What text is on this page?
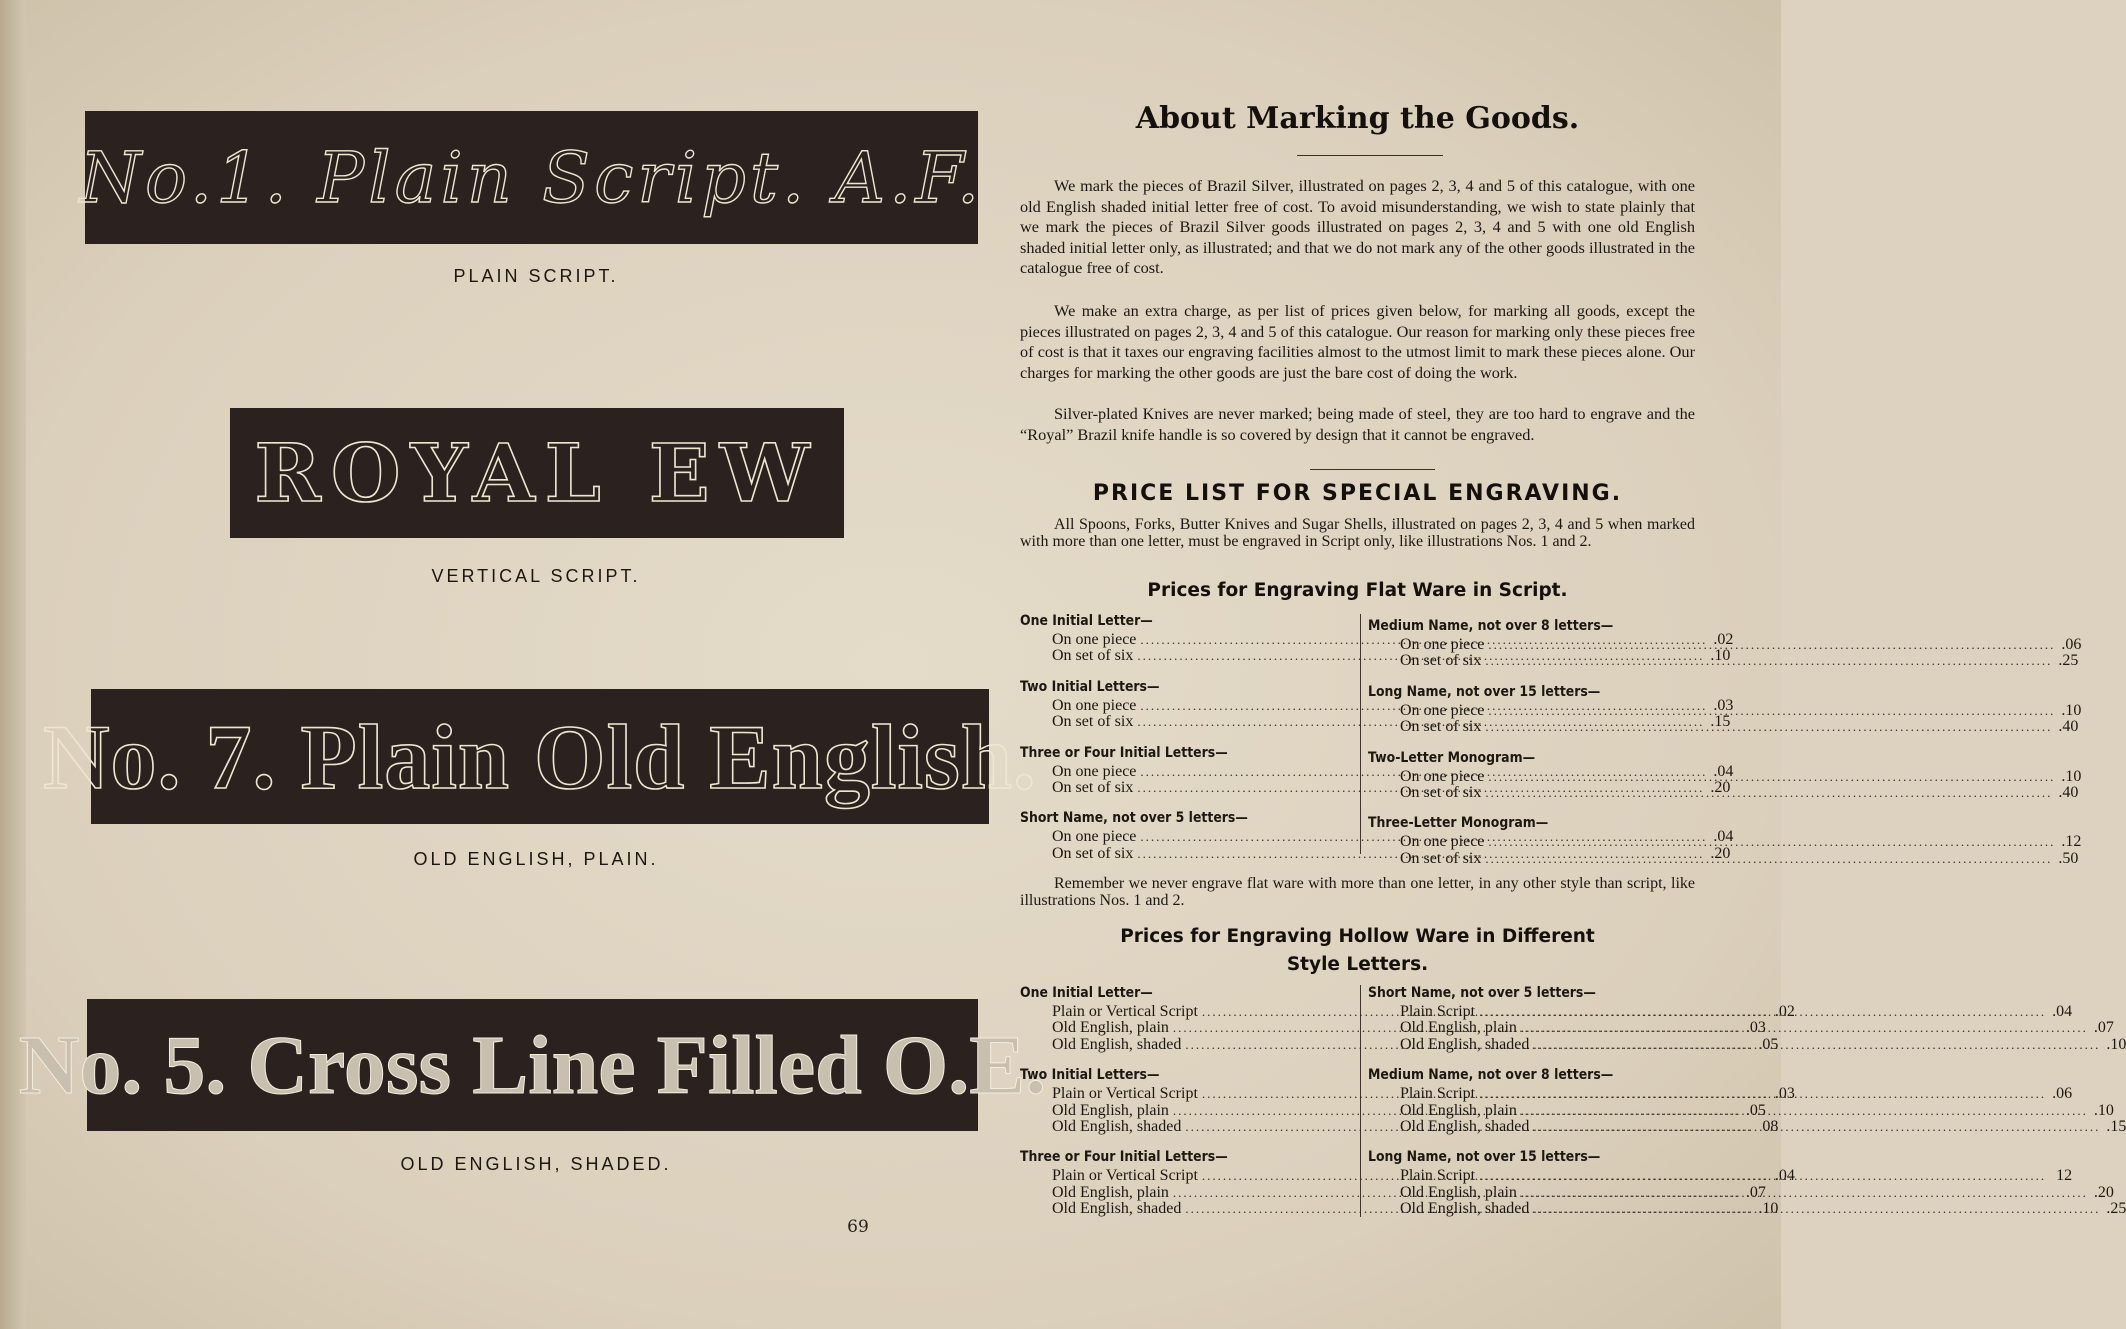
No.1. Plain Script. A.F.
PLAIN SCRIPT.
ROYAL EW
VERTICAL SCRIPT.
No. 7. Plain Old English.
OLD ENGLISH, PLAIN.
No. 5. Cross Line Filled O.E.
OLD ENGLISH, SHADED.
69
About Marking the Goods.

We mark the pieces of Brazil Silver, illustrated on pages 2, 3, 4 and 5 of this catalogue, with one old English shaded initial letter free of cost. To avoid misunderstanding, we wish to state plainly that we mark the pieces of Brazil Silver goods illustrated on pages 2, 3, 4 and 5 with one old English shaded initial letter only, as illustrated; and that we do not mark any of the other goods illustrated in the catalogue free of cost.

We make an extra charge, as per list of prices given below, for marking all goods, except the pieces illustrated on pages 2, 3, 4 and 5 of this catalogue. Our reason for marking only these pieces free of cost is that it taxes our engraving facilities almost to the utmost limit to mark these pieces alone. Our charges for marking the other goods are just the bare cost of doing the work.

Silver-plated Knives are never marked; being made of steel, they are too hard to engrave and the “Royal” Brazil knife handle is so covered by design that it cannot be engraved.

PRICE LIST FOR SPECIAL ENGRAVING.

All Spoons, Forks, Butter Knives and Sugar Shells, illustrated on pages 2, 3, 4 and 5 when marked with more than one letter, must be engraved in Script only, like illustrations Nos. 1 and 2.

Prices for Engraving Flat Ware in Script.

Remember we never engrave flat ware with more than one letter, in any other style than script, like illustrations Nos. 1 and 2.

Prices for Engraving Hollow Ware in Different
Style Letters.
One Initial Letter—
On one piece .....	.02
On set of six .....	.10
Two Initial Letters—
On one piece .....	.03
On set of six .....	.15
Three or Four Initial Letters—
On one piece .....	.04
On set of six .....	.20
Short Name, not over 5 letters—
On one piece .....	.04
On set of six .....	.20
Medium Name, not over 8 letters—
On one piece .....	.06
On set of six .....	.25
Long Name, not over 15 letters—
On one piece .....	.10
On set of six .....	.40
Two-Letter Monogram—
On one piece .....	.10
On set of six .....	.40
Three-Letter Monogram—
On one piece .....	.12
On set of six .....	.50
One Initial Letter—
Plain or Vertical Script .....	.02
Old English, plain .....	.03
Old English, shaded .....	.05
Two Initial Letters—
Plain or Vertical Script .....	.03
Old English, plain .....	.05
Old English, shaded .....	08
Three or Four Initial Letters—
Plain or Vertical Script .....	.04
Old English, plain .....	.07
Old English, shaded .....	.10
Short Name, not over 5 letters—
Plain Script .....	.04
Old English, plain .....	.07
Old English, shaded .....	.10
Medium Name, not over 8 letters—
Plain Script .....	.06
Old English, plain .....	.10
Old English, shaded .....	.15
Long Name, not over 15 letters—
Plain Script .....	12
Old English, plain .....	.20
Old English, shaded .....	.25
